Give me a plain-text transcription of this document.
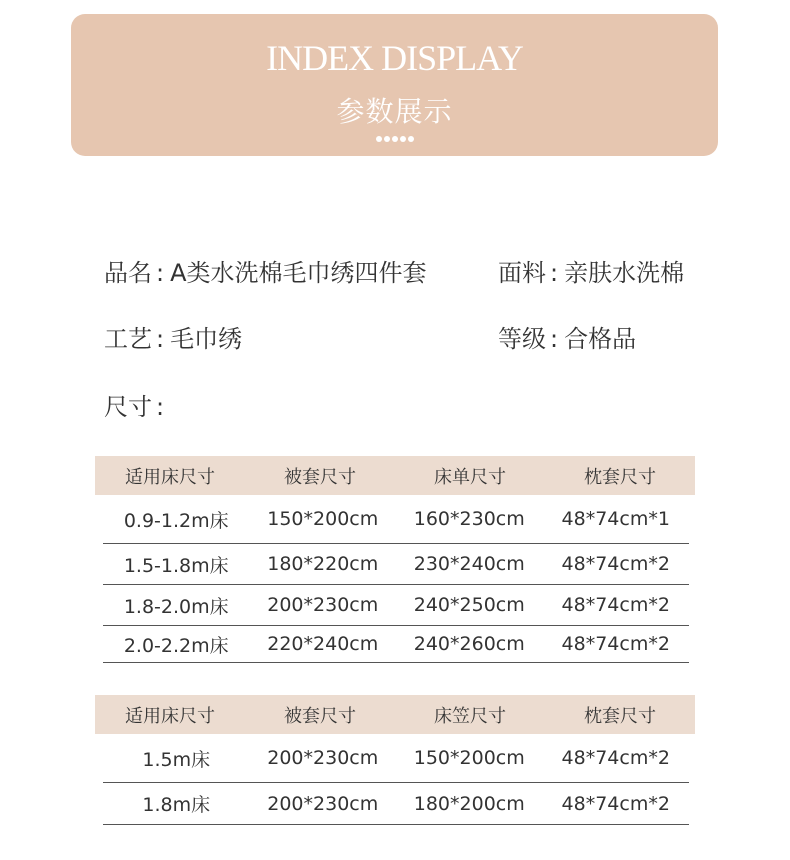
INDEX DISPLAY
参数展示
品名 : A类水洗棉毛巾绣四件套	面料 : 亲肤水洗棉
工艺 : 毛巾绣	等级 : 合格品
尺寸 :
适用床尺寸	被套尺寸	床单尺寸	枕套尺寸
0.9-1.2m床	150*200cm	160*230cm	48*74cm*1
1.5-1.8m床	180*220cm	230*240cm	48*74cm*2
1.8-2.0m床	200*230cm	240*250cm	48*74cm*2
2.0-2.2m床	220*240cm	240*260cm	48*74cm*2
适用床尺寸	被套尺寸	床笠尺寸	枕套尺寸
1.5m床	200*230cm	150*200cm	48*74cm*2
1.8m床	200*230cm	180*200cm	48*74cm*2
